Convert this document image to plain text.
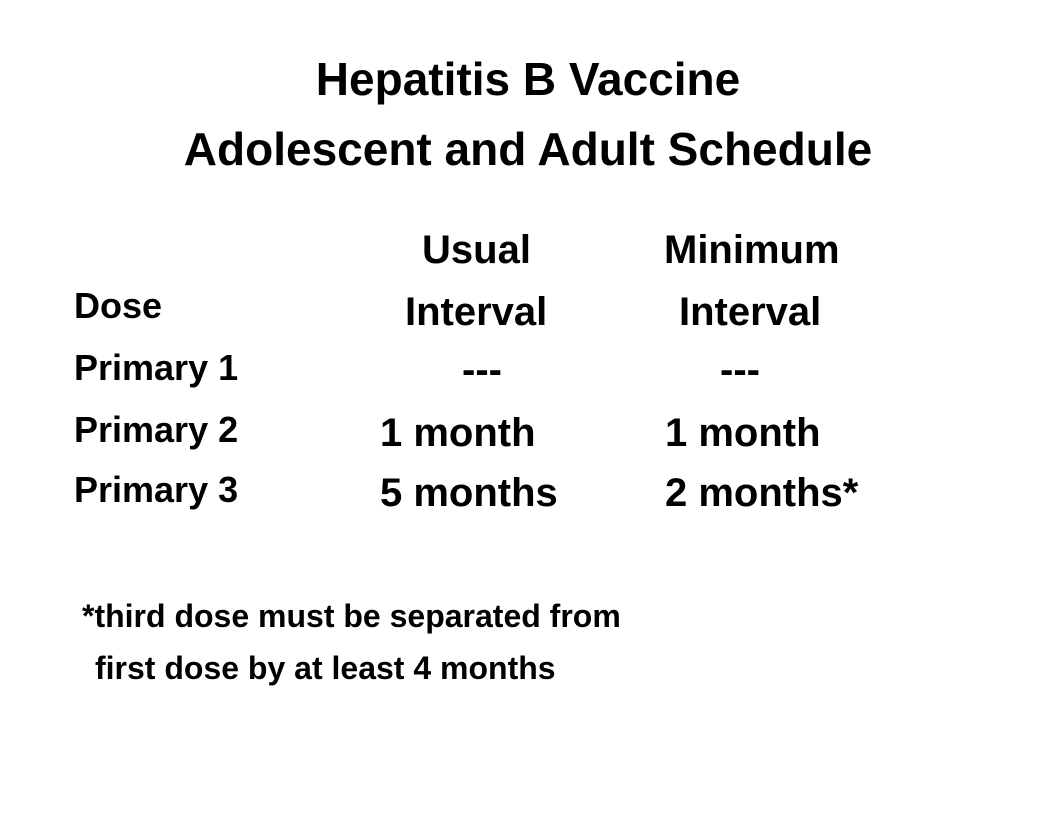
Hepatitis B Vaccine
Adolescent and Adult Schedule
Usual
Interval
Minimum
Interval
Dose
Primary 1
Primary 2
Primary 3
---
1 month
5 months
---
1 month
2 months*
*third dose must be separated from
first dose by at least 4 months
